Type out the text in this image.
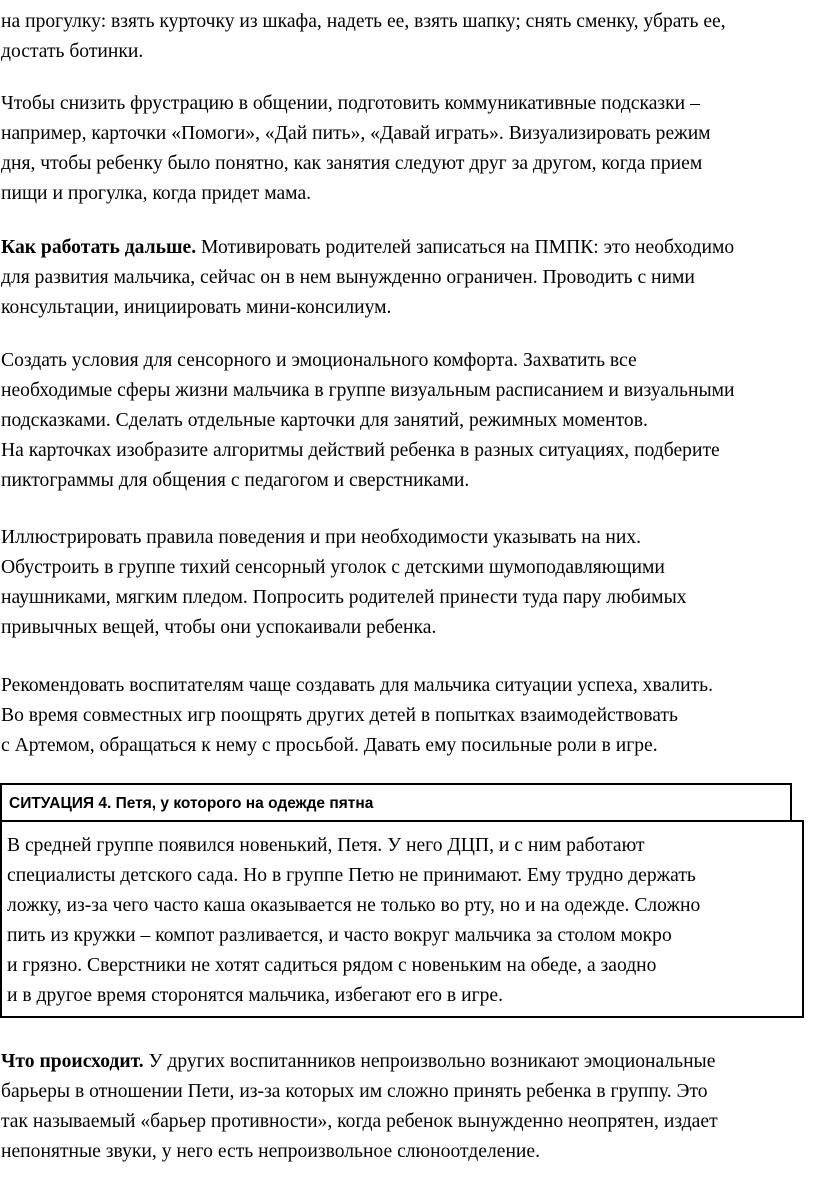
на прогулку: взять курточку из шкафа, надеть ее, взять шапку; снять сменку, убрать ее,
достать ботинки.

Чтобы снизить фрустрацию в общении, подготовить коммуникативные подсказки –
например, карточки «Помоги», «Дай пить», «Давай играть». Визуализировать режим
дня, чтобы ребенку было понятно, как занятия следуют друг за другом, когда прием
пищи и прогулка, когда придет мама.

Как работать дальше. Мотивировать родителей записаться на ПМПК: это необходимо
для развития мальчика, сейчас он в нем вынужденно ограничен. Проводить с ними
консультации, инициировать мини-консилиум.

Создать условия для сенсорного и эмоционального комфорта. Захватить все
необходимые сферы жизни мальчика в группе визуальным расписанием и визуальными
подсказками. Сделать отдельные карточки для занятий, режимных моментов.
На карточках изобразите алгоритмы действий ребенка в разных ситуациях, подберите
пиктограммы для общения с педагогом и сверстниками.

Иллюстрировать правила поведения и при необходимости указывать на них.
Обустроить в группе тихий сенсорный уголок с детскими шумоподавляющими
наушниками, мягким пледом. Попросить родителей принести туда пару любимых
привычных вещей, чтобы они успокаивали ребенка.

Рекомендовать воспитателям чаще создавать для мальчика ситуации успеха, хвалить.
Во время совместных игр поощрять других детей в попытках взаимодействовать
с Артемом, обращаться к нему с просьбой. Давать ему посильные роли в игре.

СИТУАЦИЯ 4. Петя, у которого на одежде пятна

В средней группе появился новенький, Петя. У него ДЦП, и с ним работают
специалисты детского сада. Но в группе Петю не принимают. Ему трудно держать
ложку, из-за чего часто каша оказывается не только во рту, но и на одежде. Сложно
пить из кружки – компот разливается, и часто вокруг мальчика за столом мокро
и грязно. Сверстники не хотят садиться рядом с новеньким на обеде, а заодно
и в другое время сторонятся мальчика, избегают его в игре.

Что происходит. У других воспитанников непроизвольно возникают эмоциональные
барьеры в отношении Пети, из-за которых им сложно принять ребенка в группу. Это
так называемый «барьер противности», когда ребенок вынужденно неопрятен, издает
непонятные звуки, у него есть непроизвольное слюноотделение.
